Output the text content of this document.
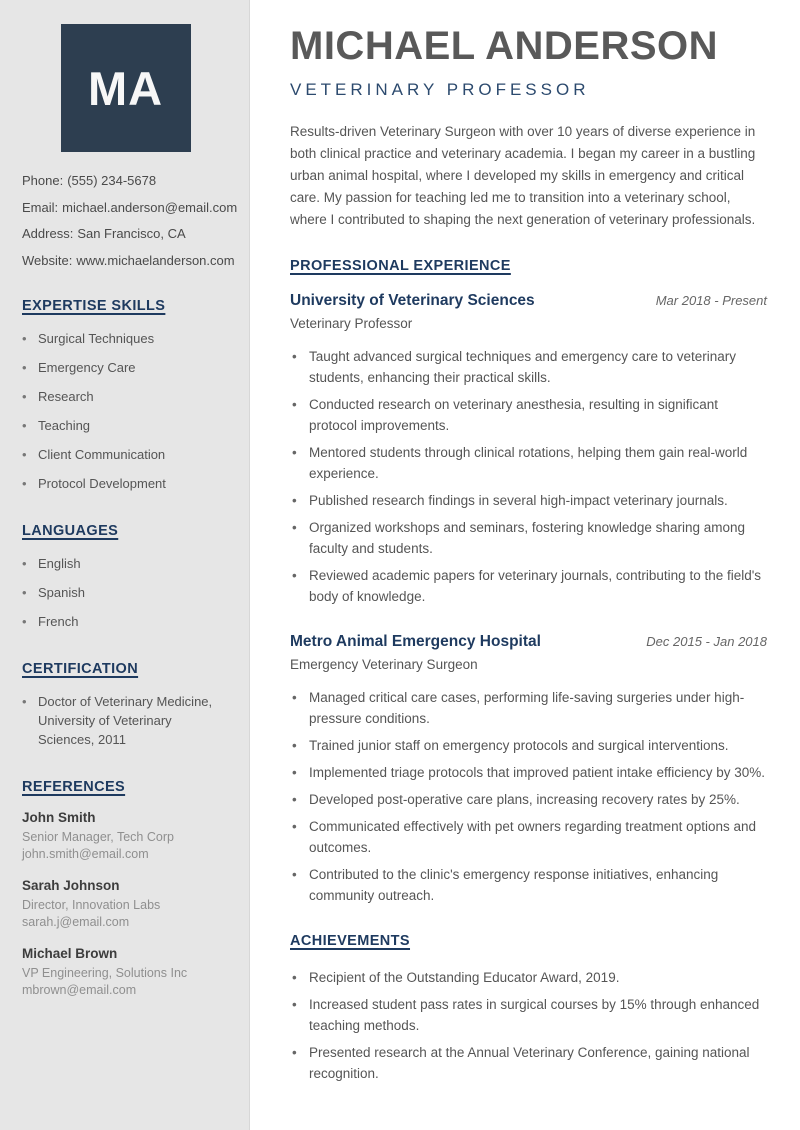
MA
Phone: (555) 234-5678
Email: michael.anderson@email.com
Address: San Francisco, CA
Website: www.michaelanderson.com
EXPERTISE SKILLS
• Surgical Techniques
• Emergency Care
• Research
• Teaching
• Client Communication
• Protocol Development
LANGUAGES
• English
• Spanish
• French
CERTIFICATION
• Doctor of Veterinary Medicine, University of Veterinary Sciences, 2011
REFERENCES
John Smith
Senior Manager, Tech Corp
john.smith@email.com
Sarah Johnson
Director, Innovation Labs
sarah.j@email.com
Michael Brown
VP Engineering, Solutions Inc
mbrown@email.com
MICHAEL ANDERSON
VETERINARY PROFESSOR

Results-driven Veterinary Surgeon with over 10 years of diverse experience in both clinical practice and veterinary academia. I began my career in a bustling urban animal hospital, where I developed my skills in emergency and critical care. My passion for teaching led me to transition into a veterinary school, where I contributed to shaping the next generation of veterinary professionals.

PROFESSIONAL EXPERIENCE
University of Veterinary Sciences	Mar 2018 - Present
Veterinary Professor
• Taught advanced surgical techniques and emergency care to veterinary students, enhancing their practical skills.
• Conducted research on veterinary anesthesia, resulting in significant protocol improvements.
• Mentored students through clinical rotations, helping them gain real-world experience.
• Published research findings in several high-impact veterinary journals.
• Organized workshops and seminars, fostering knowledge sharing among faculty and students.
• Reviewed academic papers for veterinary journals, contributing to the field's body of knowledge.
Metro Animal Emergency Hospital	Dec 2015 - Jan 2018
Emergency Veterinary Surgeon
• Managed critical care cases, performing life-saving surgeries under high-pressure conditions.
• Trained junior staff on emergency protocols and surgical interventions.
• Implemented triage protocols that improved patient intake efficiency by 30%.
• Developed post-operative care plans, increasing recovery rates by 25%.
• Communicated effectively with pet owners regarding treatment options and outcomes.
• Contributed to the clinic's emergency response initiatives, enhancing community outreach.
ACHIEVEMENTS
• Recipient of the Outstanding Educator Award, 2019.
• Increased student pass rates in surgical courses by 15% through enhanced teaching methods.
• Presented research at the Annual Veterinary Conference, gaining national recognition.
